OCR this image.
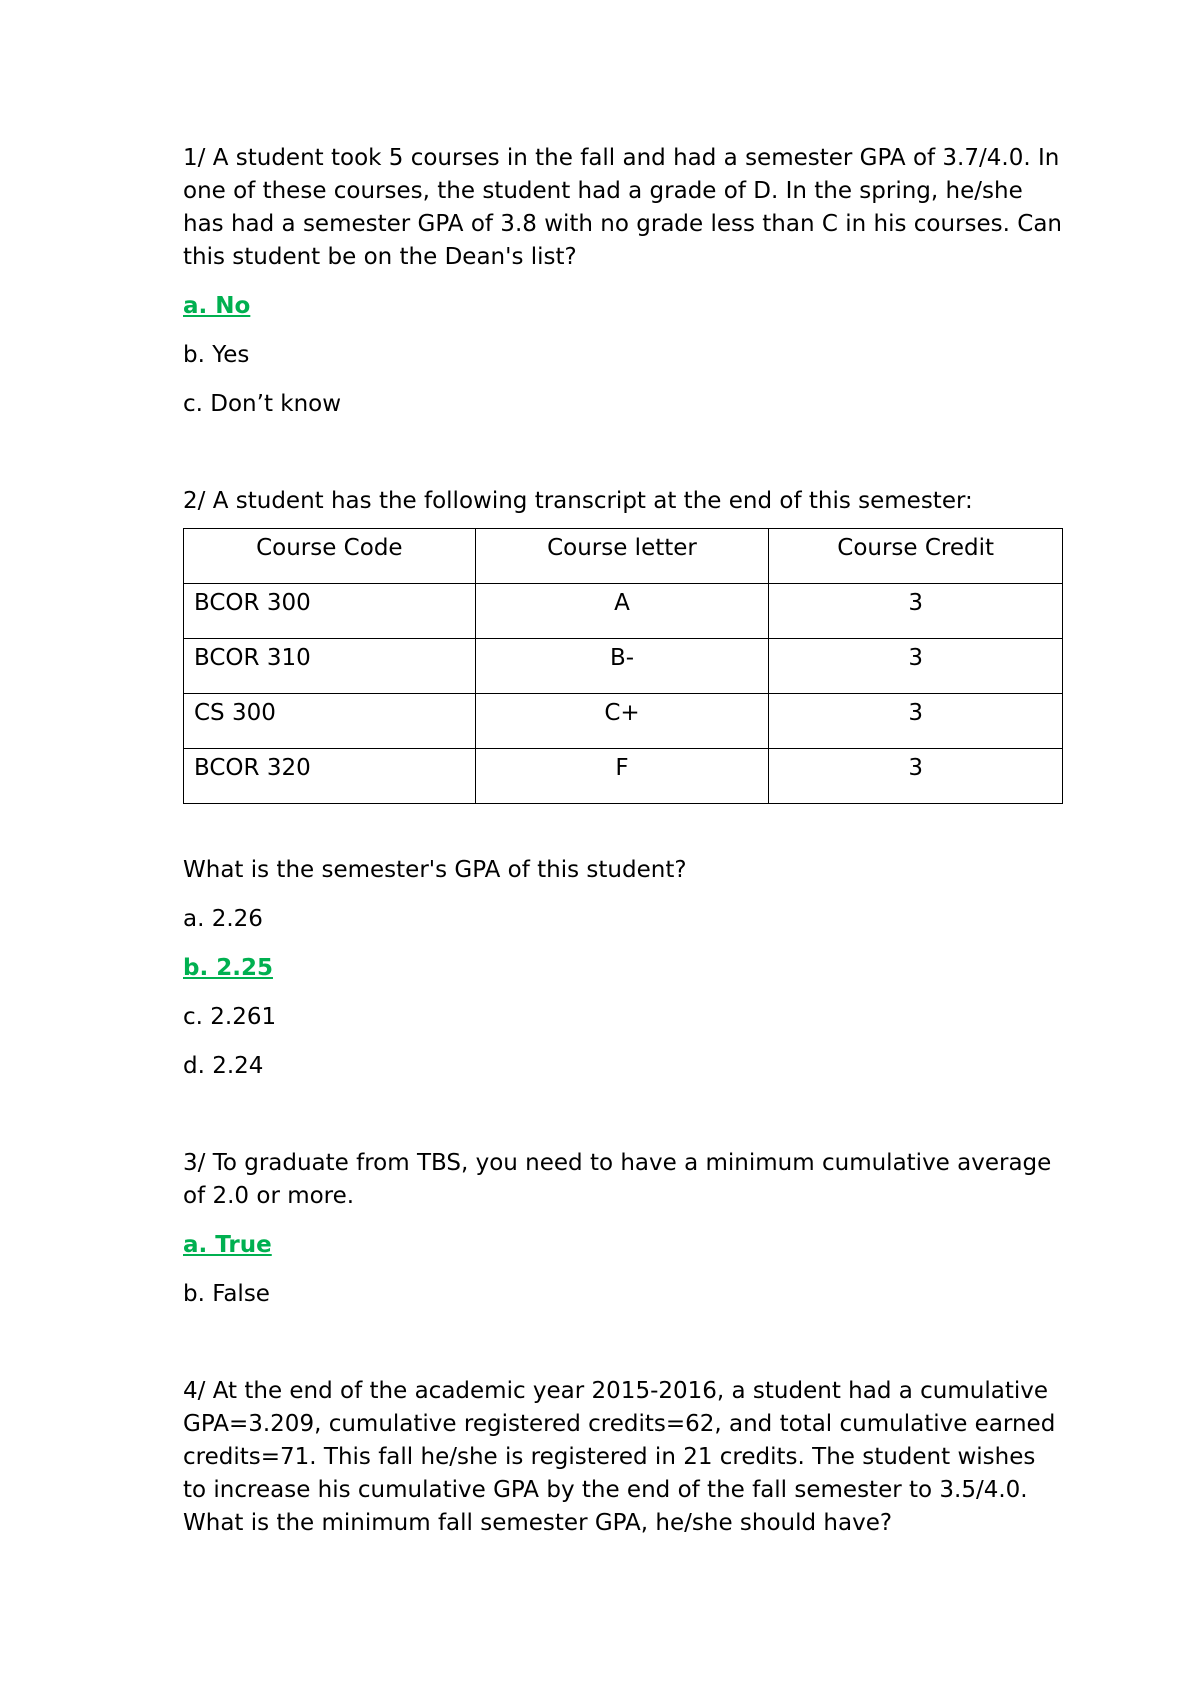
1/ A student took 5 courses in the fall and had a semester GPA of 3.7/4.0. In one of these courses, the student had a grade of D. In the spring, he/she has had a semester GPA of 3.8 with no grade less than C in his courses. Can this student be on the Dean's list?

a. No

b. Yes

c. Don’t know

2/ A student has the following transcript at the end of this semester:

Course Code	Course letter	Course Credit
BCOR 300	A	3
BCOR 310	B-	3
CS 300	C+	3
BCOR 320	F	3

What is the semester's GPA of this student?

a. 2.26

b. 2.25

c. 2.261

d. 2.24

3/ To graduate from TBS, you need to have a minimum cumulative average of 2.0 or more.

a. True

b. False

4/ At the end of the academic year 2015-2016, a student had a cumulative GPA=3.209, cumulative registered credits=62, and total cumulative earned credits=71. This fall he/she is registered in 21 credits. The student wishes to increase his cumulative GPA by the end of the fall semester to 3.5/4.0. What is the minimum fall semester GPA, he/she should have?
